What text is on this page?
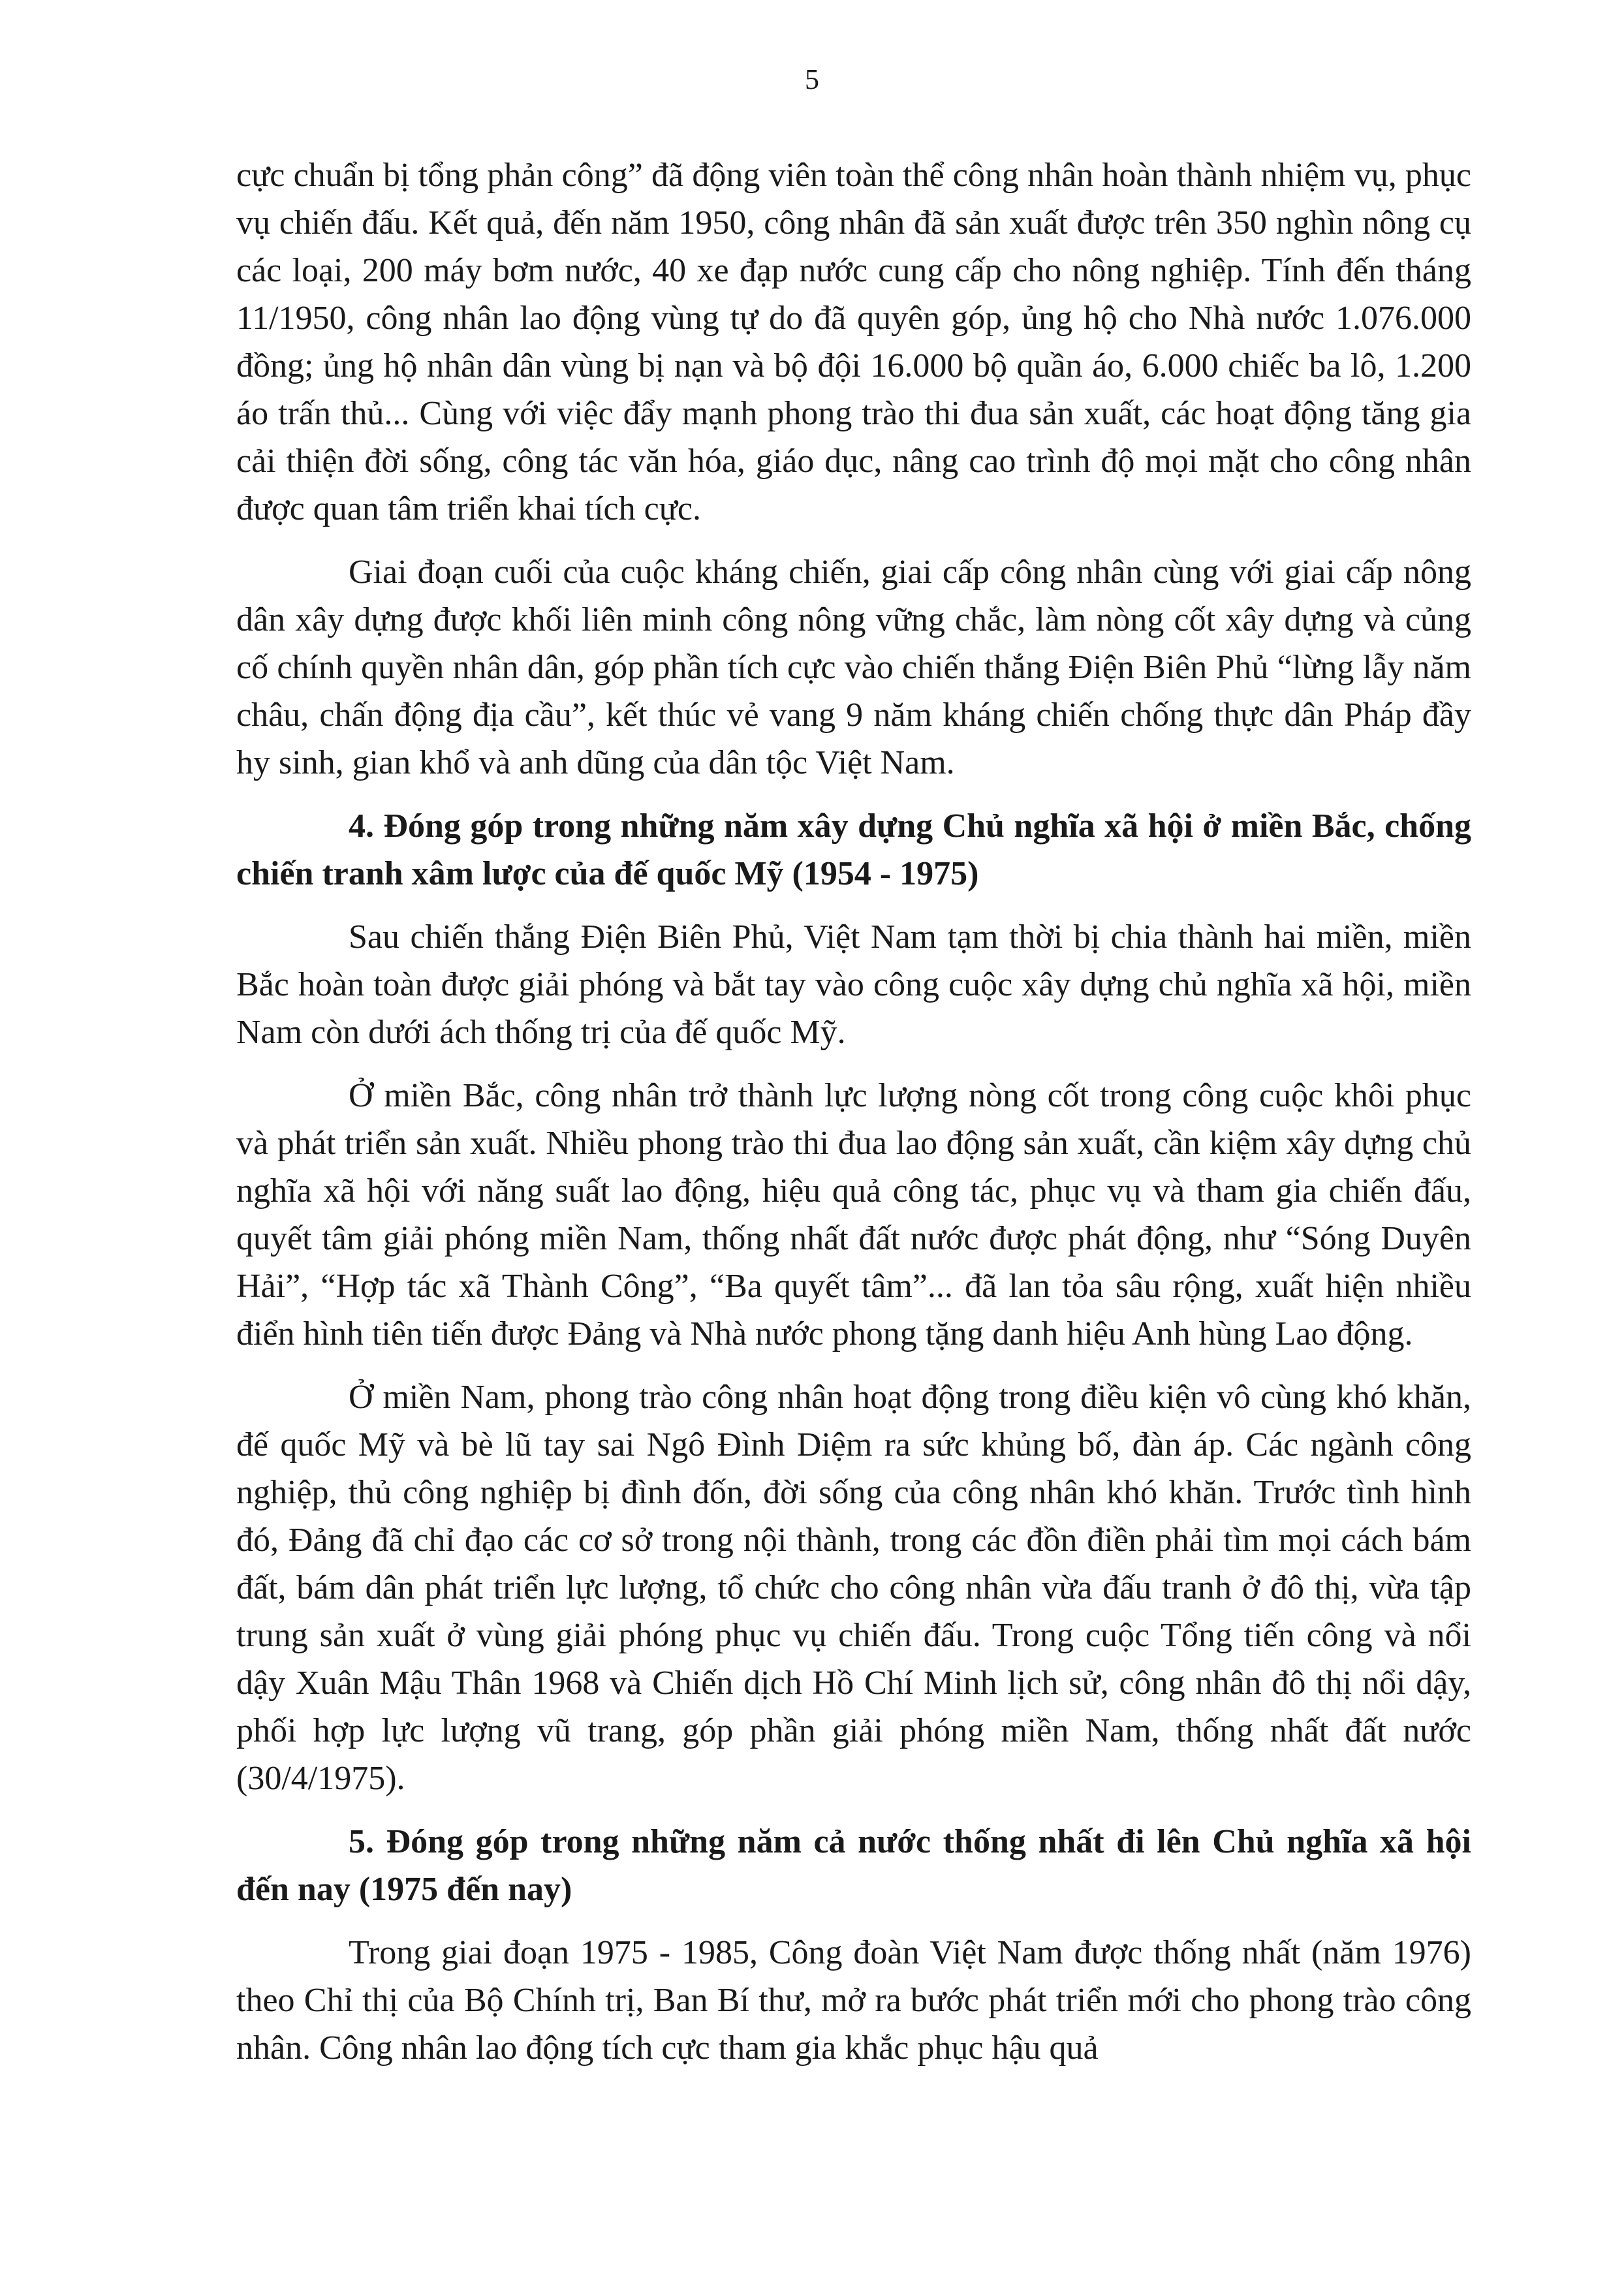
5

cực chuẩn bị tổng phản công” đã động viên toàn thể công nhân hoàn thành nhiệm vụ, phục vụ chiến đấu. Kết quả, đến năm 1950, công nhân đã sản xuất được trên 350 nghìn nông cụ các loại, 200 máy bơm nước, 40 xe đạp nước cung cấp cho nông nghiệp. Tính đến tháng 11/1950, công nhân lao động vùng tự do đã quyên góp, ủng hộ cho Nhà nước 1.076.000 đồng; ủng hộ nhân dân vùng bị nạn và bộ đội 16.000 bộ quần áo, 6.000 chiếc ba lô, 1.200 áo trấn thủ... Cùng với việc đẩy mạnh phong trào thi đua sản xuất, các hoạt động tăng gia cải thiện đời sống, công tác văn hóa, giáo dục, nâng cao trình độ mọi mặt cho công nhân được quan tâm triển khai tích cực.

Giai đoạn cuối của cuộc kháng chiến, giai cấp công nhân cùng với giai cấp nông dân xây dựng được khối liên minh công nông vững chắc, làm nòng cốt xây dựng và củng cố chính quyền nhân dân, góp phần tích cực vào chiến thắng Điện Biên Phủ “lừng lẫy năm châu, chấn động địa cầu”, kết thúc vẻ vang 9 năm kháng chiến chống thực dân Pháp đầy hy sinh, gian khổ và anh dũng của dân tộc Việt Nam.

4. Đóng góp trong những năm xây dựng Chủ nghĩa xã hội ở miền Bắc, chống chiến tranh xâm lược của đế quốc Mỹ (1954 - 1975)

Sau chiến thắng Điện Biên Phủ, Việt Nam tạm thời bị chia thành hai miền, miền Bắc hoàn toàn được giải phóng và bắt tay vào công cuộc xây dựng chủ nghĩa xã hội, miền Nam còn dưới ách thống trị của đế quốc Mỹ.

Ở miền Bắc, công nhân trở thành lực lượng nòng cốt trong công cuộc khôi phục và phát triển sản xuất. Nhiều phong trào thi đua lao động sản xuất, cần kiệm xây dựng chủ nghĩa xã hội với năng suất lao động, hiệu quả công tác, phục vụ và tham gia chiến đấu, quyết tâm giải phóng miền Nam, thống nhất đất nước được phát động, như “Sóng Duyên Hải”, “Hợp tác xã Thành Công”, “Ba quyết tâm”... đã lan tỏa sâu rộng, xuất hiện nhiều điển hình tiên tiến được Đảng và Nhà nước phong tặng danh hiệu Anh hùng Lao động.

Ở miền Nam, phong trào công nhân hoạt động trong điều kiện vô cùng khó khăn, đế quốc Mỹ và bè lũ tay sai Ngô Đình Diệm ra sức khủng bố, đàn áp. Các ngành công nghiệp, thủ công nghiệp bị đình đốn, đời sống của công nhân khó khăn. Trước tình hình đó, Đảng đã chỉ đạo các cơ sở trong nội thành, trong các đồn điền phải tìm mọi cách bám đất, bám dân phát triển lực lượng, tổ chức cho công nhân vừa đấu tranh ở đô thị, vừa tập trung sản xuất ở vùng giải phóng phục vụ chiến đấu. Trong cuộc Tổng tiến công và nổi dậy Xuân Mậu Thân 1968 và Chiến dịch Hồ Chí Minh lịch sử, công nhân đô thị nổi dậy, phối hợp lực lượng vũ trang, góp phần giải phóng miền Nam, thống nhất đất nước (30/4/1975).

5. Đóng góp trong những năm cả nước thống nhất đi lên Chủ nghĩa xã hội đến nay (1975 đến nay)

Trong giai đoạn 1975 - 1985, Công đoàn Việt Nam được thống nhất (năm 1976) theo Chỉ thị của Bộ Chính trị, Ban Bí thư, mở ra bước phát triển mới cho phong trào công nhân. Công nhân lao động tích cực tham gia khắc phục hậu quả
